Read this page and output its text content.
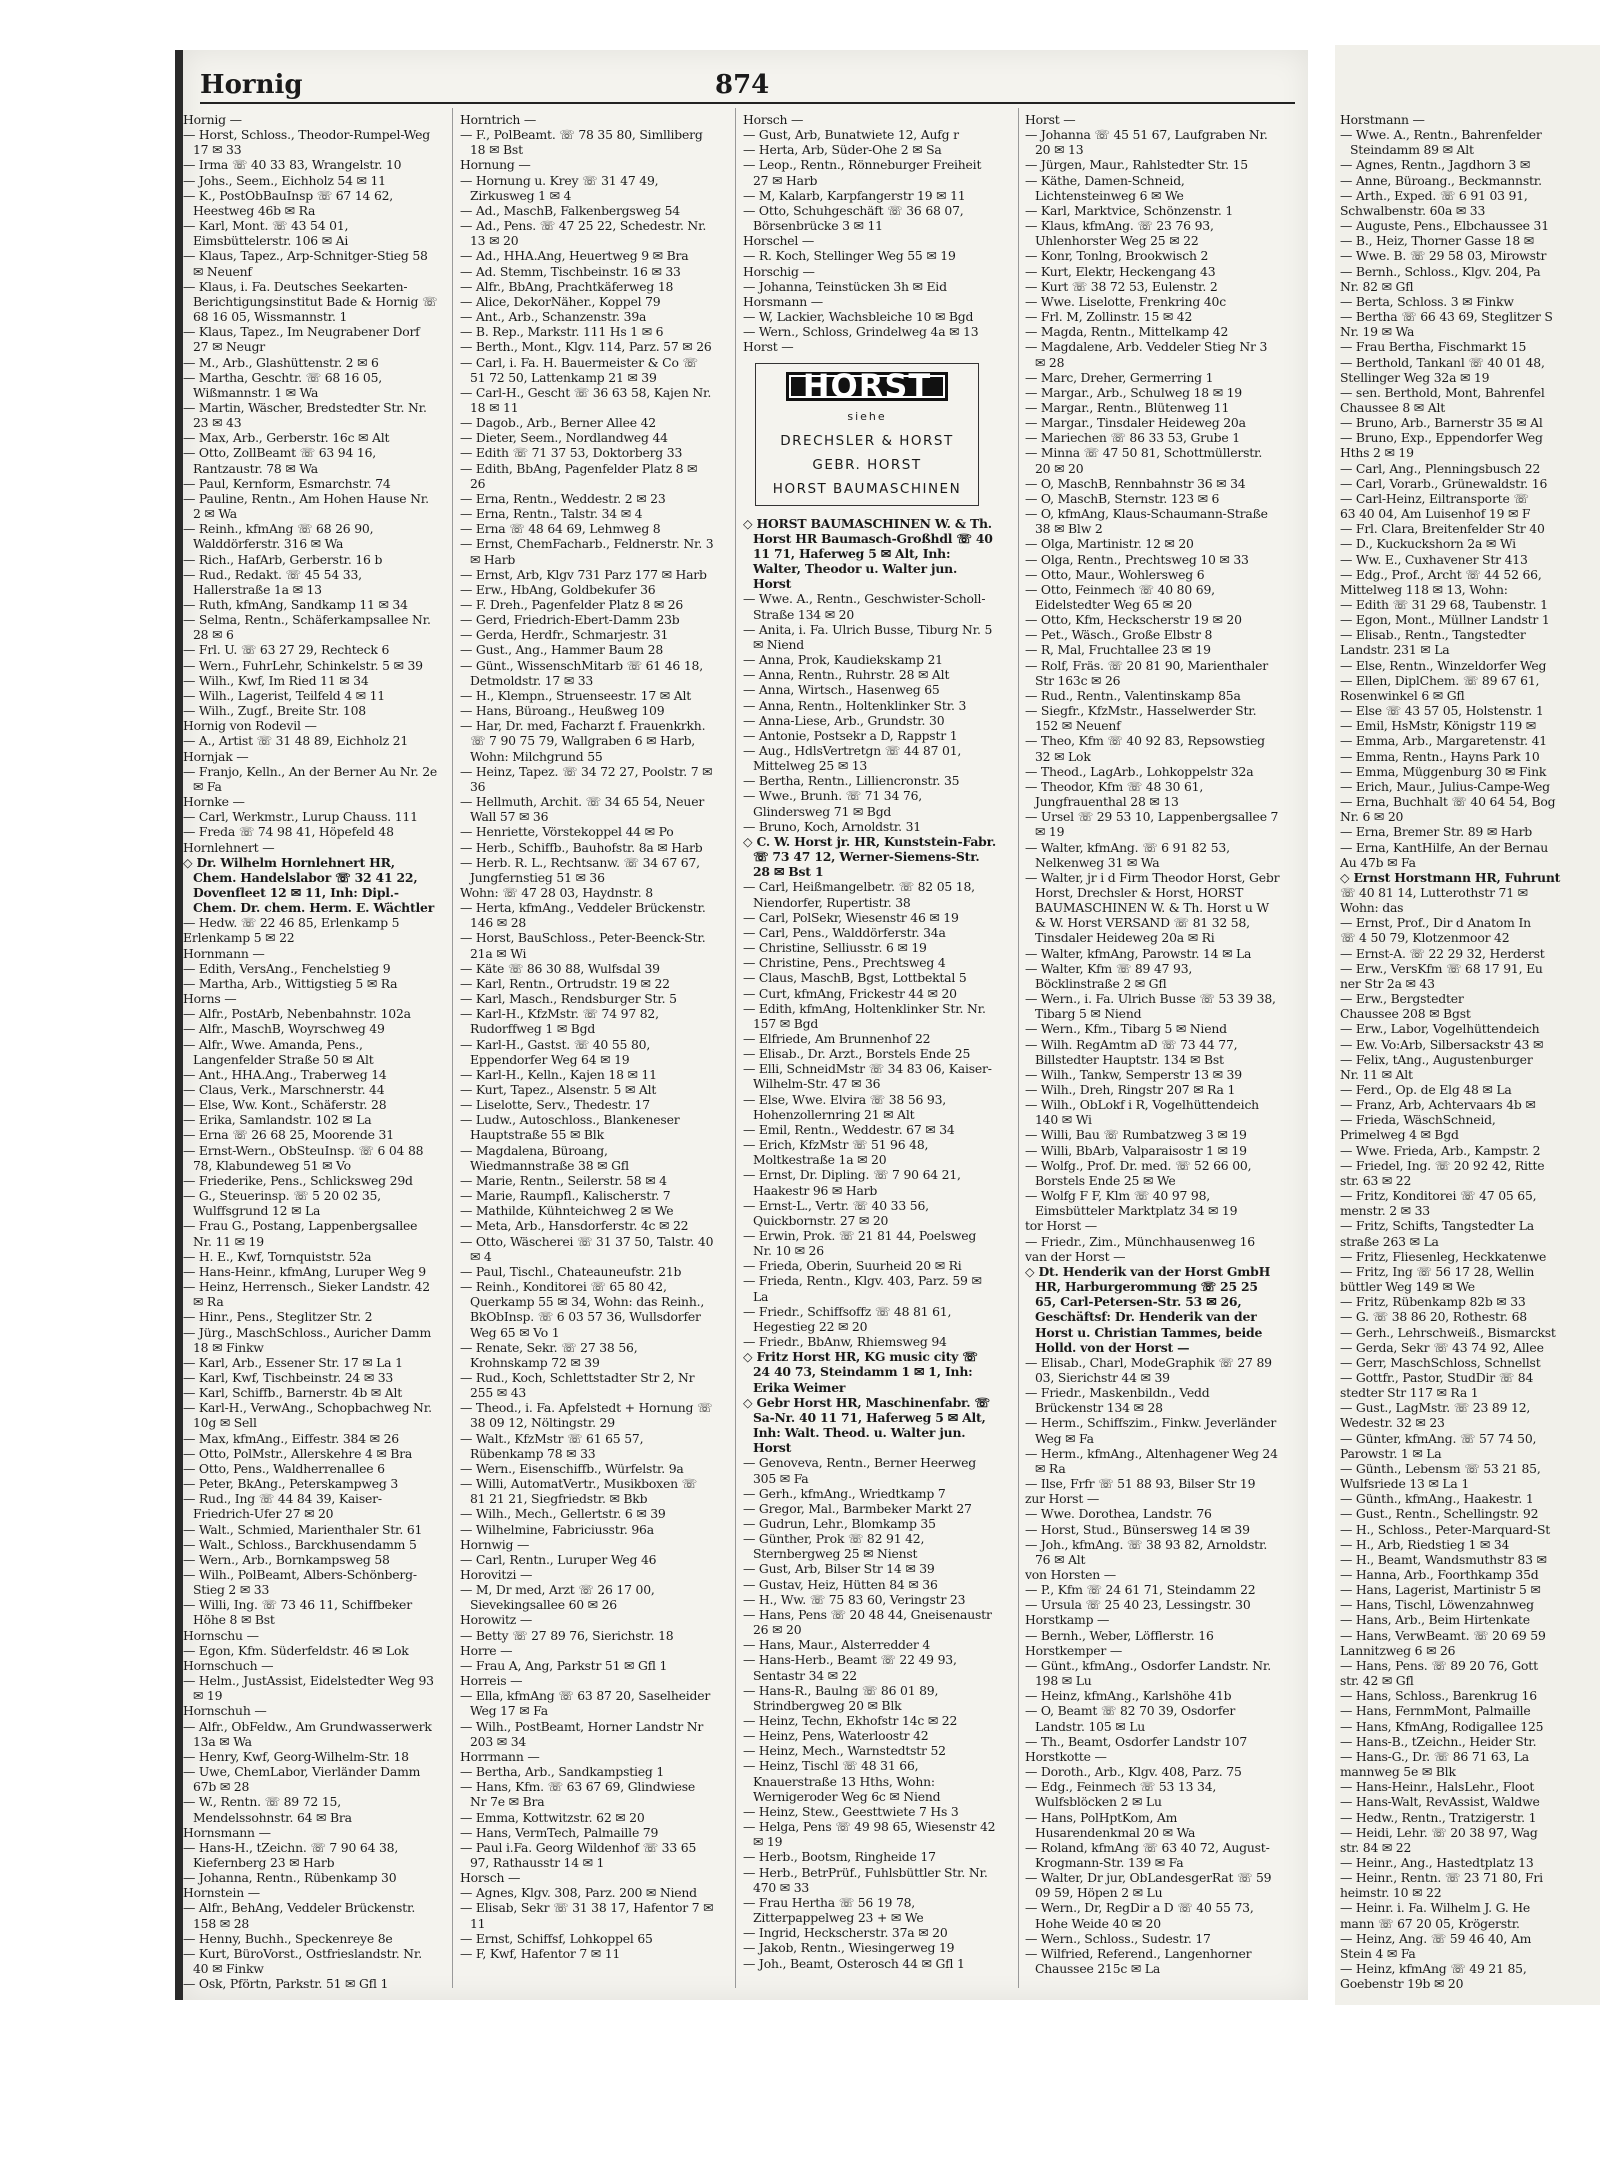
Hornig	874

Hornig —

— Horst, Schloss., Theodor-Rumpel-Weg 17 ✉ 33

— Irma ☏ 40 33 83, Wrangelstr. 10

— Johs., Seem., Eichholz 54 ✉ 11

— K., PostObBauInsp ☏ 67 14 62, Heestweg 46b ✉ Ra

— Karl, Mont. ☏ 43 54 01, Eimsbüttelerstr. 106 ✉ Ai

— Klaus, Tapez., Arp-Schnitger-Stieg 58 ✉ Neuenf

— Klaus, i. Fa. Deutsches Seekarten-Berichtigungsinstitut Bade & Hornig ☏ 68 16 05, Wissmannstr. 1

— Klaus, Tapez., Im Neugrabener Dorf 27 ✉ Neugr

— M., Arb., Glashüttenstr. 2 ✉ 6

— Martha, Geschtr. ☏ 68 16 05, Wißmannstr. 1 ✉ Wa

— Martin, Wäscher, Bredstedter Str. Nr. 23 ✉ 43

— Max, Arb., Gerberstr. 16c ✉ Alt

— Otto, ZollBeamt ☏ 63 94 16, Rantzaustr. 78 ✉ Wa

— Paul, Kernform, Esmarchstr. 74

— Pauline, Rentn., Am Hohen Hause Nr. 2 ✉ Wa

— Reinh., kfmAng ☏ 68 26 90, Walddörferstr. 316 ✉ Wa

— Rich., HafArb, Gerberstr. 16 b

— Rud., Redakt. ☏ 45 54 33, Hallerstraße 1a ✉ 13

— Ruth, kfmAng, Sandkamp 11 ✉ 34

— Selma, Rentn., Schäferkampsallee Nr. 28 ✉ 6

— Frl. U. ☏ 63 27 29, Rechteck 6

— Wern., FuhrLehr, Schinkelstr. 5 ✉ 39

— Wilh., Kwf, Im Ried 11 ✉ 34

— Wilh., Lagerist, Teilfeld 4 ✉ 11

— Wilh., Zugf., Breite Str. 108

Hornig von Rodevil —

— A., Artist ☏ 31 48 89, Eichholz 21

Hornjak —

— Franjo, Kelln., An der Berner Au Nr. 2e ✉ Fa

Hornke —

— Carl, Werkmstr., Lurup Chauss. 111

— Freda ☏ 74 98 41, Höpefeld 48

Hornlehnert —

◇ Dr. Wilhelm Hornlehnert HR, Chem. Handelslabor ☏ 32 41 22, Dovenfleet 12 ✉ 11, Inh: Dipl.-Chem. Dr. chem. Herm. E. Wächtler

— Hedw. ☏ 22 46 85, Erlenkamp 5

Erlenkamp 5 ✉ 22

Hornmann —

— Edith, VersAng., Fenchelstieg 9

— Martha, Arb., Wittigstieg 5 ✉ Ra

Horns —

— Alfr., PostArb, Nebenbahnstr. 102a

— Alfr., MaschB, Woyrschweg 49

— Alfr., Wwe. Amanda, Pens., Langenfelder Straße 50 ✉ Alt

— Ant., HHA.Ang., Traberweg 14

— Claus, Verk., Marschnerstr. 44

— Else, Ww. Kont., Schäferstr. 28

— Erika, Samlandstr. 102 ✉ La

— Erna ☏ 26 68 25, Moorende 31

— Ernst-Wern., ObSteuInsp. ☏ 6 04 88 78, Klabundeweg 51 ✉ Vo

— Friederike, Pens., Schlicksweg 29d

— G., Steuerinsp. ☏ 5 20 02 35, Wulffsgrund 12 ✉ La

— Frau G., Postang, Lappenbergsallee Nr. 11 ✉ 19

— H. E., Kwf, Tornquiststr. 52a

— Hans-Heinr., kfmAng, Luruper Weg 9

— Heinz, Herrensch., Sieker Landstr. 42 ✉ Ra

— Hinr., Pens., Steglitzer Str. 2

— Jürg., MaschSchloss., Auricher Damm 18 ✉ Finkw

— Karl, Arb., Essener Str. 17 ✉ La 1

— Karl, Kwf, Tischbeinstr. 24 ✉ 33

— Karl, Schiffb., Barnerstr. 4b ✉ Alt

— Karl-H., VerwAng., Schopbachweg Nr. 10g ✉ Sell

— Max, kfmAng., Eiffestr. 384 ✉ 26

— Otto, PolMstr., Allerskehre 4 ✉ Bra

— Otto, Pens., Waldherrenallee 6

— Peter, BkAng., Peterskampweg 3

— Rud., Ing ☏ 44 84 39, Kaiser-Friedrich-Ufer 27 ✉ 20

— Walt., Schmied, Marienthaler Str. 61

— Walt., Schloss., Barckhusendamm 5

— Wern., Arb., Bornkampsweg 58

— Wilh., PolBeamt, Albers-Schönberg-Stieg 2 ✉ 33

— Willi, Ing. ☏ 73 46 11, Schiffbeker Höhe 8 ✉ Bst

Hornschu —

— Egon, Kfm. Süderfeldstr. 46 ✉ Lok

Hornschuch —

— Helm., JustAssist, Eidelstedter Weg 93 ✉ 19

Hornschuh —

— Alfr., ObFeldw., Am Grundwasserwerk 13a ✉ Wa

— Henry, Kwf, Georg-Wilhelm-Str. 18

— Uwe, ChemLabor, Vierländer Damm 67b ✉ 28

— W., Rentn. ☏ 89 72 15, Mendelssohnstr. 64 ✉ Bra

Hornsmann —

— Hans-H., tZeichn. ☏ 7 90 64 38, Kiefernberg 23 ✉ Harb

— Johanna, Rentn., Rübenkamp 30

Hornstein —

— Alfr., BehAng, Veddeler Brückenstr. 158 ✉ 28

— Henny, Buchh., Speckenreye 8e

— Kurt, BüroVorst., Ostfrieslandstr. Nr. 40 ✉ Finkw

— Osk, Pförtn, Parkstr. 51 ✉ Gfl 1

Horntrich —

— F., PolBeamt. ☏ 78 35 80, Simlliberg 18 ✉ Bst

Hornung —

— Hornung u. Krey ☏ 31 47 49, Zirkusweg 1 ✉ 4

— Ad., MaschB, Falkenbergsweg 54

— Ad., Pens. ☏ 47 25 22, Schedestr. Nr. 13 ✉ 20

— Ad., HHA.Ang, Heuertweg 9 ✉ Bra

— Ad. Stemm, Tischbeinstr. 16 ✉ 33

— Alfr., BbAng, Prachtkäferweg 18

— Alice, DekorNäher., Koppel 79

— Ant., Arb., Schanzenstr. 39a

— B. Rep., Markstr. 111 Hs 1 ✉ 6

— Berth., Mont., Klgv. 114, Parz. 57 ✉ 26

— Carl, i. Fa. H. Bauermeister & Co ☏ 51 72 50, Lattenkamp 21 ✉ 39

— Carl-H., Gescht ☏ 36 63 58, Kajen Nr. 18 ✉ 11

— Dagob., Arb., Berner Allee 42

— Dieter, Seem., Nordlandweg 44

— Edith ☏ 71 37 53, Doktorberg 33

— Edith, BbAng, Pagenfelder Platz 8 ✉ 26

— Erna, Rentn., Weddestr. 2 ✉ 23

— Erna, Rentn., Talstr. 34 ✉ 4

— Erna ☏ 48 64 69, Lehmweg 8

— Ernst, ChemFacharb., Feldnerstr. Nr. 3 ✉ Harb

— Ernst, Arb, Klgv 731 Parz 177 ✉ Harb

— Erw., HbAng, Goldbekufer 36

— F. Dreh., Pagenfelder Platz 8 ✉ 26

— Gerd, Friedrich-Ebert-Damm 23b

— Gerda, Herdfr., Schmarjestr. 31

— Gust., Ang., Hammer Baum 28

— Günt., WissenschMitarb ☏ 61 46 18, Detmoldstr. 17 ✉ 33

— H., Klempn., Struenseestr. 17 ✉ Alt

— Hans, Büroang., Heußweg 109

— Har, Dr. med, Facharzt f. Frauenkrkh. ☏ 7 90 75 79, Wallgraben 6 ✉ Harb, Wohn: Milchgrund 55

— Heinz, Tapez. ☏ 34 72 27, Poolstr. 7 ✉ 36

— Hellmuth, Archit. ☏ 34 65 54, Neuer Wall 57 ✉ 36

— Henriette, Vörstekoppel 44 ✉ Po

— Herb., Schiffb., Bauhofstr. 8a ✉ Harb

— Herb. R. L., Rechtsanw. ☏ 34 67 67, Jungfernstieg 51 ✉ 36

Wohn: ☏ 47 28 03, Haydnstr. 8

— Herta, kfmAng., Veddeler Brückenstr. 146 ✉ 28

— Horst, BauSchloss., Peter-Beenck-Str. 21a ✉ Wi

— Käte ☏ 86 30 88, Wulfsdal 39

— Karl, Rentn., Ortrudstr. 19 ✉ 22

— Karl, Masch., Rendsburger Str. 5

— Karl-H., KfzMstr. ☏ 74 97 82, Rudorffweg 1 ✉ Bgd

— Karl-H., Gastst. ☏ 40 55 80, Eppendorfer Weg 64 ✉ 19

— Karl-H., Kelln., Kajen 18 ✉ 11

— Kurt, Tapez., Alsenstr. 5 ✉ Alt

— Liselotte, Serv., Thedestr. 17

— Ludw., Autoschloss., Blankeneser Hauptstraße 55 ✉ Blk

— Magdalena, Büroang, Wiedmannstraße 38 ✉ Gfl

— Marie, Rentn., Seilerstr. 58 ✉ 4

— Marie, Raumpfl., Kalischerstr. 7

— Mathilde, Kühnteichweg 2 ✉ We

— Meta, Arb., Hansdorferstr. 4c ✉ 22

— Otto, Wäscherei ☏ 31 37 50, Talstr. 40 ✉ 4

— Paul, Tischl., Chateauneufstr. 21b

— Reinh., Konditorei ☏ 65 80 42, Querkamp 55 ✉ 34, Wohn: das Reinh., BkObInsp. ☏ 6 03 57 36, Wullsdorfer Weg 65 ✉ Vo 1

— Renate, Sekr. ☏ 27 38 56, Krohnskamp 72 ✉ 39

— Rud., Koch, Schlettstadter Str 2, Nr 255 ✉ 43

— Theod., i. Fa. Apfelstedt + Hornung ☏ 38 09 12, Nöltingstr. 29

— Walt., KfzMstr ☏ 61 65 57, Rübenkamp 78 ✉ 33

— Wern., Eisenschiffb., Würfelstr. 9a

— Willi, AutomatVertr., Musikboxen ☏ 81 21 21, Siegfriedstr. ✉ Bkb

— Wilh., Mech., Gellertstr. 6 ✉ 39

— Wilhelmine, Fabriciusstr. 96a

Hornwig —

— Carl, Rentn., Luruper Weg 46

Horovitzi —

— M, Dr med, Arzt ☏ 26 17 00, Sievekingsallee 60 ✉ 26

Horowitz —

— Betty ☏ 27 89 76, Sierichstr. 18

Horre —

— Frau A, Ang, Parkstr 51 ✉ Gfl 1

Horreis —

— Ella, kfmAng ☏ 63 87 20, Saselheider Weg 17 ✉ Fa

— Wilh., PostBeamt, Horner Landstr Nr 203 ✉ 34

Horrmann —

— Bertha, Arb., Sandkampstieg 1

— Hans, Kfm. ☏ 63 67 69, Glindwiese Nr 7e ✉ Bra

— Emma, Kottwitzstr. 62 ✉ 20

— Hans, VermTech, Palmaille 79

— Paul i.Fa. Georg Wildenhof ☏ 33 65 97, Rathausstr 14 ✉ 1

Horsch —

— Agnes, Klgv. 308, Parz. 200 ✉ Niend

— Elisab, Sekr ☏ 31 38 17, Hafentor 7 ✉ 11

— Ernst, Schiffsf, Lohkoppel 65

— F, Kwf, Hafentor 7 ✉ 11

Horsch —

— Gust, Arb, Bunatwiete 12, Aufg r

— Herta, Arb, Süder-Ohe 2 ✉ Sa

— Leop., Rentn., Rönneburger Freiheit 27 ✉ Harb

— M, Kalarb, Karpfangerstr 19 ✉ 11

— Otto, Schuhgeschäft ☏ 36 68 07, Börsenbrücke 3 ✉ 11

Horschel —

— R. Koch, Stellinger Weg 55 ✉ 19

Horschig —

— Johanna, Teinstücken 3h ✉ Eid

Horsmann —

— W, Lackier, Wachsbleiche 10 ✉ Bgd

— Wern., Schloss, Grindelweg 4a ✉ 13

Horst —

HORST
siehe
DRECHSLER & HORST
GEBR. HORST
HORST BAUMASCHINEN

◇ HORST BAUMASCHINEN W. & Th. Horst HR Baumasch-Großhdl ☏ 40 11 71, Haferweg 5 ✉ Alt, Inh: Walter, Theodor u. Walter jun. Horst

— Wwe. A., Rentn., Geschwister-Scholl-Straße 134 ✉ 20

— Anita, i. Fa. Ulrich Busse, Tiburg Nr. 5 ✉ Niend

— Anna, Prok, Kaudiekskamp 21

— Anna, Rentn., Ruhrstr. 28 ✉ Alt

— Anna, Wirtsch., Hasenweg 65

— Anna, Rentn., Holtenklinker Str. 3

— Anna-Liese, Arb., Grundstr. 30

— Antonie, Postsekr a D, Rappstr 1

— Aug., HdlsVertretgn ☏ 44 87 01, Mittelweg 25 ✉ 13

— Bertha, Rentn., Lilliencronstr. 35

— Wwe., Brunh. ☏ 71 34 76, Glindersweg 71 ✉ Bgd

— Bruno, Koch, Arnoldstr. 31

◇ C. W. Horst jr. HR, Kunststein-Fabr. ☏ 73 47 12, Werner-Siemens-Str. 28 ✉ Bst 1

— Carl, Heißmangelbetr. ☏ 82 05 18, Niendorfer, Rupertistr. 38

— Carl, PolSekr, Wiesenstr 46 ✉ 19

— Carl, Pens., Walddörferstr. 34a

— Christine, Selliusstr. 6 ✉ 19

— Christine, Pens., Prechtsweg 4

— Claus, MaschB, Bgst, Lottbektal 5

— Curt, kfmAng, Frickestr 44 ✉ 20

— Edith, kfmAng, Holtenklinker Str. Nr. 157 ✉ Bgd

— Elfriede, Am Brunnenhof 22

— Elisab., Dr. Arzt., Borstels Ende 25

— Elli, SchneidMstr ☏ 34 83 06, Kaiser-Wilhelm-Str. 47 ✉ 36

— Else, Wwe. Elvira ☏ 38 56 93, Hohenzollernring 21 ✉ Alt

— Emil, Rentn., Weddestr. 67 ✉ 34

— Erich, KfzMstr ☏ 51 96 48, Moltkestraße 1a ✉ 20

— Ernst, Dr. Dipling. ☏ 7 90 64 21, Haakestr 96 ✉ Harb

— Ernst-L., Vertr. ☏ 40 33 56, Quickbornstr. 27 ✉ 20

— Erwin, Prok. ☏ 21 81 44, Poelsweg Nr. 10 ✉ 26

— Frieda, Oberin, Suurheid 20 ✉ Ri

— Frieda, Rentn., Klgv. 403, Parz. 59 ✉ La

— Friedr., Schiffsoffz ☏ 48 81 61, Hegestieg 22 ✉ 20

— Friedr., BbAnw, Rhiemsweg 94

◇ Fritz Horst HR, KG music city ☏ 24 40 73, Steindamm 1 ✉ 1, Inh: Erika Weimer

◇ Gebr Horst HR, Maschinenfabr. ☏ Sa-Nr. 40 11 71, Haferweg 5 ✉ Alt, Inh: Walt. Theod. u. Walter jun. Horst

— Genoveva, Rentn., Berner Heerweg 305 ✉ Fa

— Gerh., kfmAng., Wriedtkamp 7

— Gregor, Mal., Barmbeker Markt 27

— Gudrun, Lehr., Blomkamp 35

— Günther, Prok ☏ 82 91 42, Sternbergweg 25 ✉ Nienst

— Gust, Arb, Bilser Str 14 ✉ 39

— Gustav, Heiz, Hütten 84 ✉ 36

— H., Ww. ☏ 75 83 60, Veringstr 23

— Hans, Pens ☏ 20 48 44, Gneisenaustr 26 ✉ 20

— Hans, Maur., Alsterredder 4

— Hans-Herb., Beamt ☏ 22 49 93, Sentastr 34 ✉ 22

— Hans-R., Baulng ☏ 86 01 89, Strindbergweg 20 ✉ Blk

— Heinz, Techn, Ekhofstr 14c ✉ 22

— Heinz, Pens, Waterloostr 42

— Heinz, Mech., Warnstedtstr 52

— Heinz, Tischl ☏ 48 31 66, Knauerstraße 13 Hths, Wohn: Wernigeroder Weg 6c ✉ Niend

— Heinz, Stew., Geesttwiete 7 Hs 3

— Helga, Pens ☏ 49 98 65, Wiesenstr 42 ✉ 19

— Herb., Bootsm, Ringheide 17

— Herb., BetrPrüf., Fuhlsbüttler Str. Nr. 470 ✉ 33

— Frau Hertha ☏ 56 19 78, Zitterpappelweg 23 + ✉ We

— Ingrid, Heckscherstr. 37a ✉ 20

— Jakob, Rentn., Wiesingerweg 19

— Joh., Beamt, Osterosch 44 ✉ Gfl 1

Horst —

— Johanna ☏ 45 51 67, Laufgraben Nr. 20 ✉ 13

— Jürgen, Maur., Rahlstedter Str. 15

— Käthe, Damen-Schneid, Lichtensteinweg 6 ✉ We

— Karl, Marktvice, Schönzenstr. 1

— Klaus, kfmAng. ☏ 23 76 93, Uhlenhorster Weg 25 ✉ 22

— Konr, Tonlng, Brookwisch 2

— Kurt, Elektr, Heckengang 43

— Kurt ☏ 38 72 53, Eulenstr. 2

— Wwe. Liselotte, Frenkring 40c

— Frl. M, Zollinstr. 15 ✉ 42

— Magda, Rentn., Mittelkamp 42

— Magdalene, Arb. Veddeler Stieg Nr 3 ✉ 28

— Marc, Dreher, Germerring 1

— Margar., Arb., Schulweg 18 ✉ 19

— Margar., Rentn., Blütenweg 11

— Margar., Tinsdaler Heideweg 20a

— Mariechen ☏ 86 33 53, Grube 1

— Minna ☏ 47 50 81, Schottmüllerstr. 20 ✉ 20

— O, MaschB, Rennbahnstr 36 ✉ 34

— O, MaschB, Sternstr. 123 ✉ 6

— O, kfmAng, Klaus-Schaumann-Straße 38 ✉ Blw 2

— Olga, Martinistr. 12 ✉ 20

— Olga, Rentn., Prechtsweg 10 ✉ 33

— Otto, Maur., Wohlersweg 6

— Otto, Feinmech ☏ 40 80 69, Eidelstedter Weg 65 ✉ 20

— Otto, Kfm, Heckscherstr 19 ✉ 20

— Pet., Wäsch., Große Elbstr 8

— R, Mal, Fruchtallee 23 ✉ 19

— Rolf, Fräs. ☏ 20 81 90, Marienthaler Str 163c ✉ 26

— Rud., Rentn., Valentinskamp 85a

— Siegfr., KfzMstr., Hasselwerder Str. 152 ✉ Neuenf

— Theo, Kfm ☏ 40 92 83, Repsowstieg 32 ✉ Lok

— Theod., LagArb., Lohkoppelstr 32a

— Theodor, Kfm ☏ 48 30 61, Jungfrauenthal 28 ✉ 13

— Ursel ☏ 29 53 10, Lappenbergsallee 7 ✉ 19

— Walter, kfmAng. ☏ 6 91 82 53, Nelkenweg 31 ✉ Wa

— Walter, jr i d Firm Theodor Horst, Gebr Horst, Drechsler & Horst, HORST BAUMASCHINEN W. & Th. Horst u W & W. Horst VERSAND ☏ 81 32 58, Tinsdaler Heideweg 20a ✉ Ri

— Walter, kfmAng, Parowstr. 14 ✉ La

— Walter, Kfm ☏ 89 47 93, Böcklinstraße 2 ✉ Gfl

— Wern., i. Fa. Ulrich Busse ☏ 53 39 38, Tibarg 5 ✉ Niend

— Wern., Kfm., Tibarg 5 ✉ Niend

— Wilh. RegAmtm aD ☏ 73 44 77, Billstedter Hauptstr. 134 ✉ Bst

— Wilh., Tankw, Semperstr 13 ✉ 39

— Wilh., Dreh, Ringstr 207 ✉ Ra 1

— Wilh., ObLokf i R, Vogelhüttendeich 140 ✉ Wi

— Willi, Bau ☏ Rumbatzweg 3 ✉ 19

— Willi, BbArb, Valparaisostr 1 ✉ 19

— Wolfg., Prof. Dr. med. ☏ 52 66 00, Borstels Ende 25 ✉ We

— Wolfg F F, Klm ☏ 40 97 98, Eimsbütteler Marktplatz 34 ✉ 19

tor Horst —

— Friedr., Zim., Münchhausenweg 16

van der Horst —

◇ Dt. Henderik van der Horst GmbH HR, Harburgerommung ☏ 25 25 65, Carl-Petersen-Str. 53 ✉ 26, Geschäftsf: Dr. Henderik van der Horst u. Christian Tammes, beide Holld. von der Horst —

— Elisab., Charl, ModeGraphik ☏ 27 89 03, Sierichstr 44 ✉ 39

— Friedr., Maskenbildn., Vedd Brückenstr 134 ✉ 28

— Herm., Schiffszim., Finkw. Jeverländer Weg ✉ Fa

— Herm., kfmAng., Altenhagener Weg 24 ✉ Ra

— Ilse, Frfr ☏ 51 88 93, Bilser Str 19

zur Horst —

— Wwe. Dorothea, Landstr. 76

— Horst, Stud., Bünsersweg 14 ✉ 39

— Joh., kfmAng. ☏ 38 93 82, Arnoldstr. 76 ✉ Alt

von Horsten —

— P., Kfm ☏ 24 61 71, Steindamm 22

— Ursula ☏ 25 40 23, Lessingstr. 30

Horstkamp —

— Bernh., Weber, Löfflerstr. 16

Horstkemper —

— Günt., kfmAng., Osdorfer Landstr. Nr. 198 ✉ Lu

— Heinz, kfmAng., Karlshöhe 41b

— O, Beamt ☏ 82 70 39, Osdorfer Landstr. 105 ✉ Lu

— Th., Beamt, Osdorfer Landstr 107

Horstkotte —

— Doroth., Arb., Klgv. 408, Parz. 75

— Edg., Feinmech ☏ 53 13 34, Wulfsblöcken 2 ✉ Lu

— Hans, PolHptKom, Am Husarendenkmal 20 ✉ Wa

— Roland, kfmAng ☏ 63 40 72, August-Krogmann-Str. 139 ✉ Fa

— Walter, Dr jur, ObLandesgerRat ☏ 59 09 59, Höpen 2 ✉ Lu

— Wern., Dr, RegDir a D ☏ 40 55 73, Hohe Weide 40 ✉ 20

— Wern., Schloss., Sudestr. 17

— Wilfried, Referend., Langenhorner Chaussee 215c ✉ La

Horstmann —

— Wwe. A., Rentn., Bahrenfelder Steindamm 89 ✉ Alt

— Agnes, Rentn., Jagdhorn 3 ✉

— Anne, Büroang., Beckmannstr.

— Arth., Exped. ☏ 6 91 03 91,

Schwalbenstr. 60a ✉ 33

— Auguste, Pens., Elbchaussee 31

— B., Heiz, Thorner Gasse 18 ✉

— Wwe. B. ☏ 29 58 03, Mirowstr

— Bernh., Schloss., Klgv. 204, Pa

Nr. 82 ✉ Gfl

— Berta, Schloss. 3 ✉ Finkw

— Bertha ☏ 66 43 69, Steglitzer S

Nr. 19 ✉ Wa

— Frau Bertha, Fischmarkt 15

— Berthold, Tankanl ☏ 40 01 48,

Stellinger Weg 32a ✉ 19

— sen. Berthold, Mont, Bahrenfel

Chaussee 8 ✉ Alt

— Bruno, Arb., Barnerstr 35 ✉ Al

— Bruno, Exp., Eppendorfer Weg

Hths 2 ✉ 19

— Carl, Ang., Plenningsbusch 22

— Carl, Vorarb., Grünewaldstr. 16

— Carl-Heinz, Eiltransporte ☏

63 40 04, Am Luisenhof 19 ✉ F

— Frl. Clara, Breitenfelder Str 40

— D., Kuckuckshorn 2a ✉ Wi

— Ww. E., Cuxhavener Str 413

— Edg., Prof., Archt ☏ 44 52 66,

Mittelweg 118 ✉ 13, Wohn:

— Edith ☏ 31 29 68, Taubenstr. 1

— Egon, Mont., Müllner Landstr 1

— Elisab., Rentn., Tangstedter

Landstr. 231 ✉ La

— Else, Rentn., Winzeldorfer Weg

— Ellen, DiplChem. ☏ 89 67 61,

Rosenwinkel 6 ✉ Gfl

— Else ☏ 43 57 05, Holstenstr. 1

— Emil, HsMstr, Königstr 119 ✉

— Emma, Arb., Margaretenstr. 41

— Emma, Rentn., Hayns Park 10

— Emma, Müggenburg 30 ✉ Fink

— Erich, Maur., Julius-Campe-Weg

— Erna, Buchhalt ☏ 40 64 54, Bog

Nr. 6 ✉ 20

— Erna, Bremer Str. 89 ✉ Harb

— Erna, KantHilfe, An der Bernau

Au 47b ✉ Fa

◇ Ernst Horstmann HR, Fuhrunt

☏ 40 81 14, Lutterothstr 71 ✉

Wohn: das

— Ernst, Prof., Dir d Anatom In

☏ 4 50 79, Klotzenmoor 42

— Ernst-A. ☏ 22 29 32, Herderst

— Erw., VersKfm ☏ 68 17 91, Eu

ner Str 2a ✉ 43

— Erw., Bergstedter

Chaussee 208 ✉ Bgst

— Erw., Labor, Vogelhüttendeich

— Ew. Vo:Arb, Silbersackstr 43 ✉

— Felix, tAng., Augustenburger

Nr. 11 ✉ Alt

— Ferd., Op. de Elg 48 ✉ La

— Franz, Arb, Achtervaars 4b ✉

— Frieda, WäschSchneid,

Primelweg 4 ✉ Bgd

— Wwe. Frieda, Arb., Kampstr. 2

— Friedel, Ing. ☏ 20 92 42, Ritte

str. 63 ✉ 22

— Fritz, Konditorei ☏ 47 05 65,

menstr. 2 ✉ 33

— Fritz, Schifts, Tangstedter La

straße 263 ✉ La

— Fritz, Fliesenleg, Heckkatenwe

— Fritz, Ing ☏ 56 17 28, Wellin

büttler Weg 149 ✉ We

— Fritz, Rübenkamp 82b ✉ 33

— G. ☏ 38 86 20, Rothestr. 68

— Gerh., Lehrschweiß., Bismarckst

— Gerda, Sekr ☏ 43 74 92, Allee

— Gerr, MaschSchloss, Schnellst

— Gottfr., Pastor, StudDir ☏ 84

stedter Str 117 ✉ Ra 1

— Gust., LagMstr. ☏ 23 89 12,

Wedestr. 32 ✉ 23

— Günter, kfmAng. ☏ 57 74 50,

Parowstr. 1 ✉ La

— Günth., Lebensm ☏ 53 21 85,

Wulfsriede 13 ✉ La 1

— Günth., kfmAng., Haakestr. 1

— Gust., Rentn., Schellingstr. 92

— H., Schloss., Peter-Marquard-St

— H., Arb, Riedstieg 1 ✉ 34

— H., Beamt, Wandsmuthstr 83 ✉

— Hanna, Arb., Foorthkamp 35d

— Hans, Lagerist, Martinistr 5 ✉

— Hans, Tischl, Löwenzahnweg

— Hans, Arb., Beim Hirtenkate

— Hans, VerwBeamt. ☏ 20 69 59

Lannitzweg 6 ✉ 26

— Hans, Pens. ☏ 89 20 76, Gott

str. 42 ✉ Gfl

— Hans, Schloss., Barenkrug 16

— Hans, FernmMont, Palmaille

— Hans, KfmAng, Rodigallee 125

— Hans-B., tZeichn., Heider Str.

— Hans-G., Dr. ☏ 86 71 63, La

mannweg 5e ✉ Blk

— Hans-Heinr., HalsLehr., Floot

— Hans-Walt, RevAssist, Waldwe

— Hedw., Rentn., Tratzigerstr. 1

— Heidi, Lehr. ☏ 20 38 97, Wag

str. 84 ✉ 22

— Heinr., Ang., Hastedtplatz 13

— Heinr., Rentn. ☏ 23 71 80, Fri

heimstr. 10 ✉ 22

— Heinr. i. Fa. Wilhelm J. G. He

mann ☏ 67 20 05, Krögerstr.

— Heinz, Ang. ☏ 59 46 40, Am

Stein 4 ✉ Fa

— Heinz, kfmAng ☏ 49 21 85,

Goebenstr 19b ✉ 20
